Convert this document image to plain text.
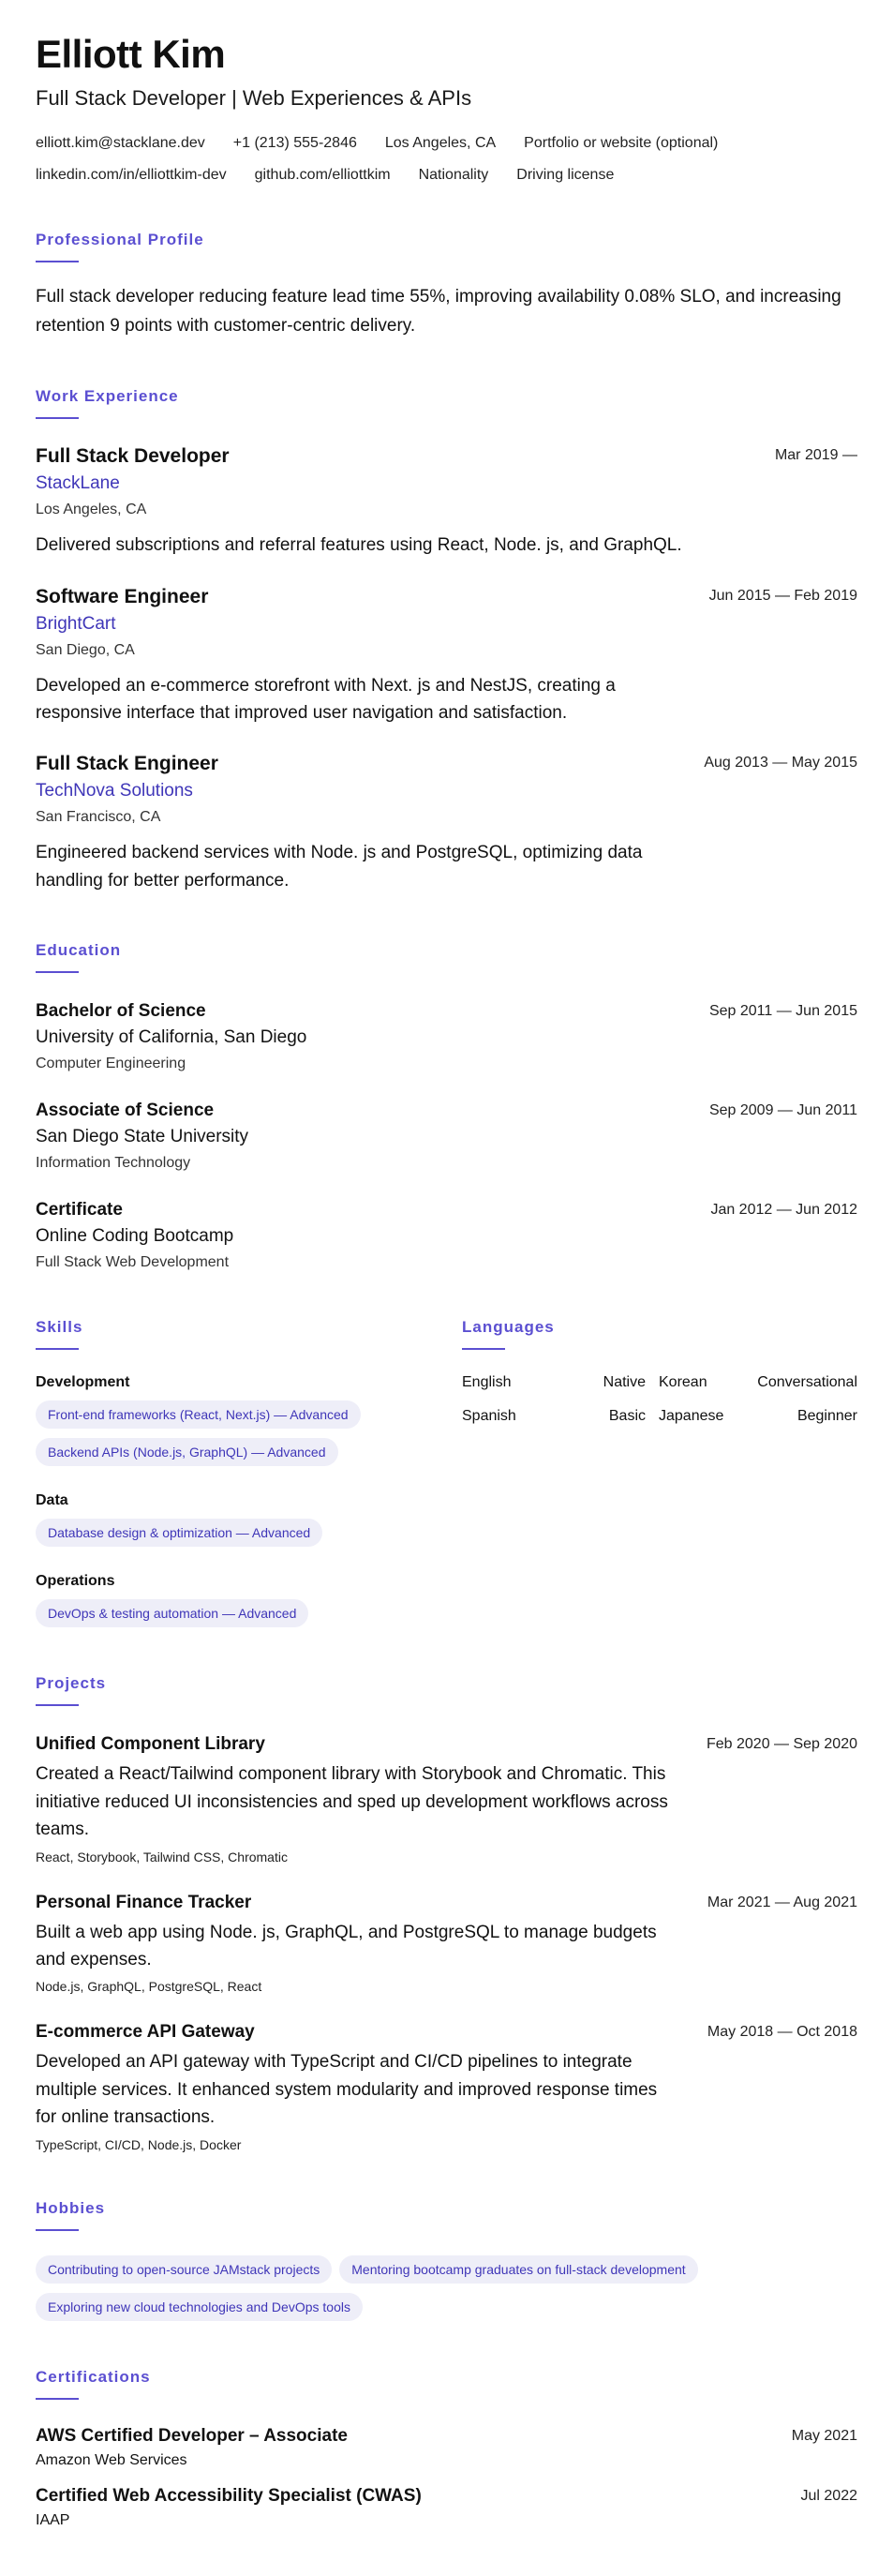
Elliott Kim
Full Stack Developer | Web Experiences & APIs
elliott.kim@stacklane.dev +1 (213) 555-2846 Los Angeles, CA Portfolio or website (optional)
linkedin.com/in/elliottkim-dev github.com/elliottkim Nationality Driving license
Professional Profile

Full stack developer reducing feature lead time 55%, improving availability 0.08% SLO, and increasing retention 9 points with customer-centric delivery.

Work Experience
Full Stack Developer	Mar 2019 —
StackLane
Los Angeles, CA

Delivered subscriptions and referral features using React, Node. js, and GraphQL.

Software Engineer	Jun 2015 — Feb 2019
BrightCart
San Diego, CA

Developed an e-commerce storefront with Next. js and NestJS, creating a responsive interface that improved user navigation and satisfaction.

Full Stack Engineer	Aug 2013 — May 2015
TechNova Solutions
San Francisco, CA

Engineered backend services with Node. js and PostgreSQL, optimizing data handling for better performance.

Education
Bachelor of Science	Sep 2011 — Jun 2015
University of California, San Diego
Computer Engineering
Associate of Science	Sep 2009 — Jun 2011
San Diego State University
Information Technology
Certificate	Jan 2012 — Jun 2012
Online Coding Bootcamp
Full Stack Web Development
Skills
Development
Front-end frameworks (React, Next.js) — Advanced
Backend APIs (Node.js, GraphQL) — Advanced
Data
Database design & optimization — Advanced
Operations
DevOps & testing automation — Advanced
Languages
English	Native Korean	Conversational
Spanish	Basic Japanese	Beginner
Projects
Unified Component Library	Feb 2020 — Sep 2020

Created a React/Tailwind component library with Storybook and Chromatic. This initiative reduced UI inconsistencies and sped up development workflows across teams.

React, Storybook, Tailwind CSS, Chromatic
Personal Finance Tracker	Mar 2021 — Aug 2021

Built a web app using Node. js, GraphQL, and PostgreSQL to manage budgets and expenses.

Node.js, GraphQL, PostgreSQL, React
E-commerce API Gateway	May 2018 — Oct 2018

Developed an API gateway with TypeScript and CI/CD pipelines to integrate multiple services. It enhanced system modularity and improved response times for online transactions.

TypeScript, CI/CD, Node.js, Docker
Hobbies
Contributing to open-source JAMstack projects Mentoring bootcamp graduates on full-stack developmentExploring new cloud technologies and DevOps tools
Certifications
AWS Certified Developer – Associate	May 2021
Amazon Web Services
Certified Web Accessibility Specialist (CWAS)	Jul 2022
IAAP
